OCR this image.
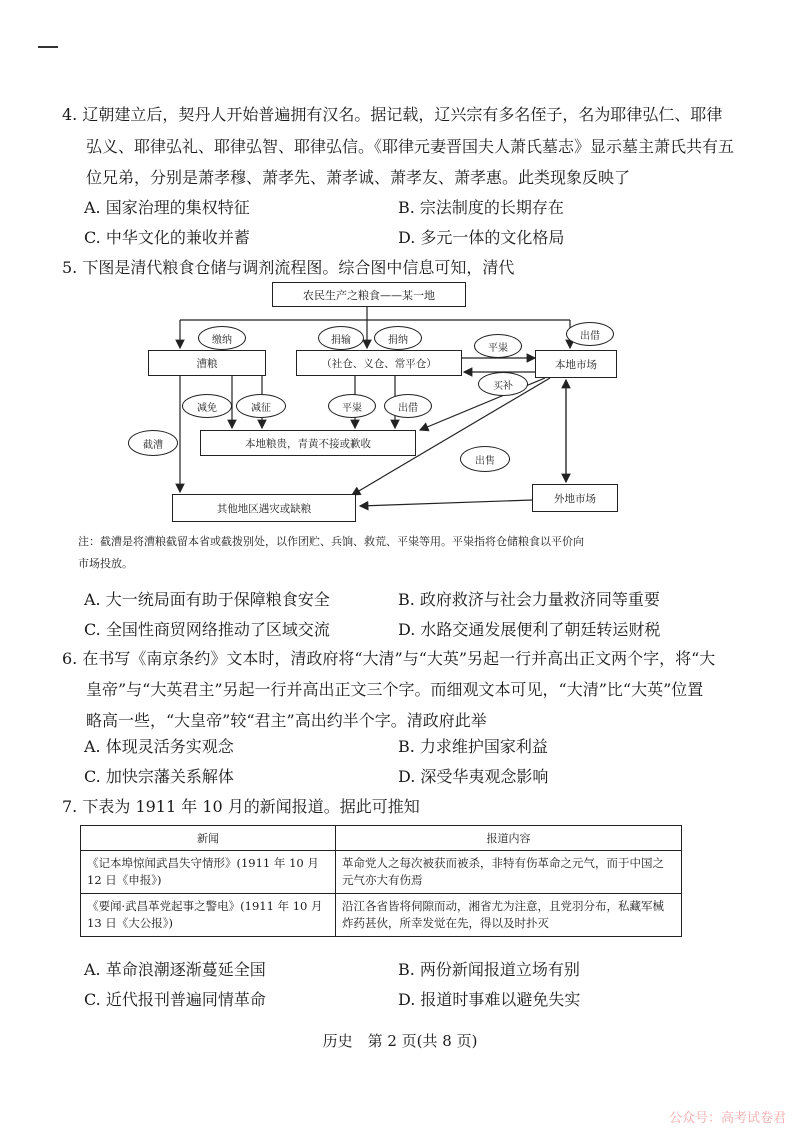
4. 辽朝建立后，契丹人开始普遍拥有汉名。据记载，辽兴宗有多名侄子，名为耶律弘仁、耶律
弘义、耶律弘礼、耶律弘智、耶律弘信。《耶律元妻晋国夫人萧氏墓志》显示墓主萧氏共有五
位兄弟，分别是萧孝穆、萧孝先、萧孝诚、萧孝友、萧孝惠。此类现象反映了
A. 国家治理的集权特征	B. 宗法制度的长期存在
C. 中华文化的兼收并蓄	D. 多元一体的文化格局
5. 下图是清代粮食仓储与调剂流程图。综合图中信息可知，清代
农民生产之粮食——某一地
漕粮	（社仓、义仓、常平仓）	本地市场
本地粮贵，青黄不接或歉收
其他地区遇灾或缺粮
外地市场
缴纳	捐输	捐纳
平粜
出借
买补
减免	减征	平粜	出借
截漕
出售
注：截漕是将漕粮截留本省或截拨别处，以作团贮、兵饷、救荒、平粜等用。平粜指将仓储粮食以平价向
市场投放。
A. 大一统局面有助于保障粮食安全	B. 政府救济与社会力量救济同等重要
C. 全国性商贸网络推动了区域交流	D. 水路交通发展便利了朝廷转运财税
6. 在书写《南京条约》文本时，清政府将“大清”与“大英”另起一行并高出正文两个字，将“大
皇帝”与“大英君主”另起一行并高出正文三个字。而细观文本可见，“大清”比“大英”位置
略高一些，“大皇帝”较“君主”高出约半个字。清政府此举
A. 体现灵活务实观念	B. 力求维护国家利益
C. 加快宗藩关系解体	D. 深受华夷观念影响
7. 下表为 1911 年 10 月的新闻报道。据此可推知
新闻	报道内容
《记本埠惊闻武昌失守情形》(1911 年 10 月 12 日《申报》)	革命党人之每次被获而被杀，非特有伤革命之元气，而于中国之元气亦大有伤焉
《要闻·武昌革党起事之警电》(1911 年 10 月 13 日《大公报》)	沿江各省皆将伺隙而动，湘省尤为注意，且党羽分布，私藏军械炸药甚伙，所幸发觉在先，得以及时扑灭
A. 革命浪潮逐渐蔓延全国	B. 两份新闻报道立场有别
C. 近代报刊普遍同情革命	D. 报道时事难以避免失实
历史　第 2 页(共 8 页)
公众号：高考试卷君
